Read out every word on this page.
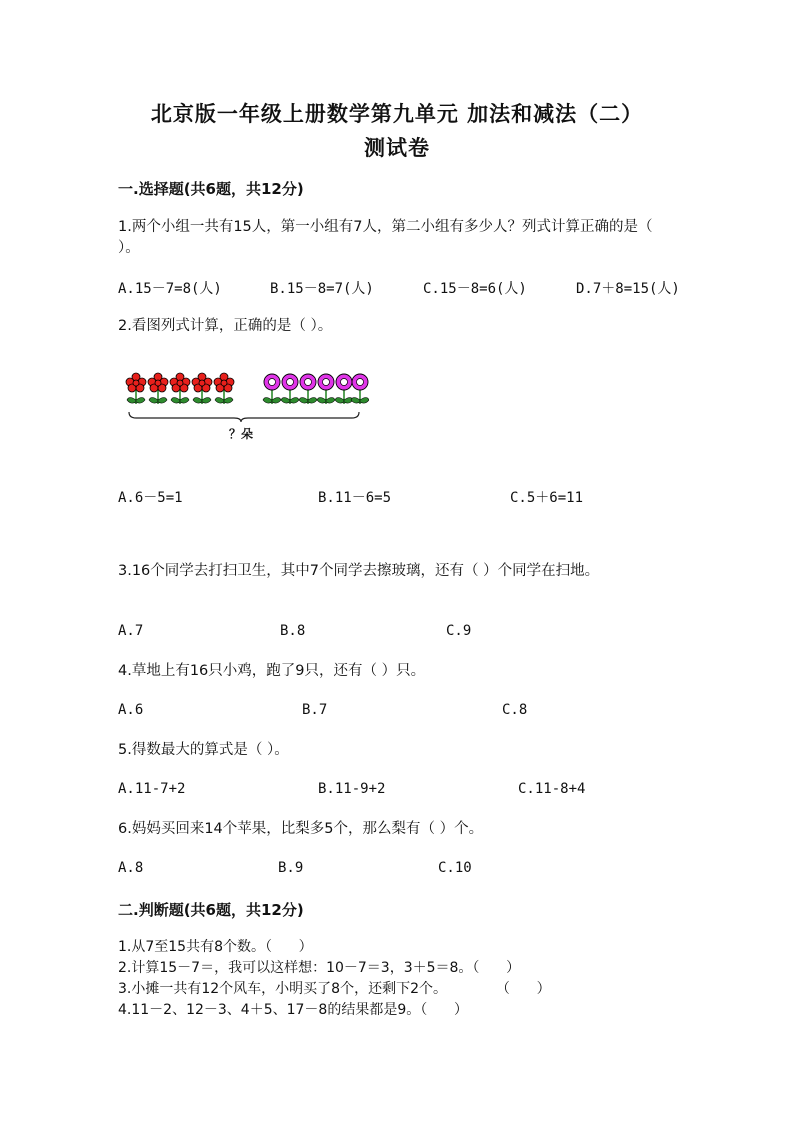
北京版一年级上册数学第九单元 加法和减法（二）
测试卷
一.选择题(共6题，共12分)
1.两个小组一共有15人，第一小组有7人，第二小组有多少人？列式计算正确的是（ ）。
A.15－7=8(人)	B.15－8=7(人)	C.15－8=6(人)	D.7＋8=15(人)
2.看图列式计算，正确的是（ ）。
？朵
A.6－5=1	B.11－6=5	C.5＋6=11
3.16个同学去打扫卫生，其中7个同学去擦玻璃，还有（ ）个同学在扫地。
A.7	B.8	C.9
4.草地上有16只小鸡，跑了9只，还有（ ）只。
A.6	B.7	C.8
5.得数最大的算式是（ ）。
A.11-7+2	B.11-9+2	C.11-8+4
6.妈妈买回来14个苹果，比梨多5个，那么梨有（ ）个。
A.8	B.9	C.10
二.判断题(共6题，共12分)
1.从7至15共有8个数。（      ）
2.计算15－7＝，我可以这样想：10－7＝3，3＋5＝8。（      ）
3.小摊一共有12个风车，小明买了8个，还剩下2个。           （      ）
4.11－2、12－3、4＋5、17－8的结果都是9。（      ）
